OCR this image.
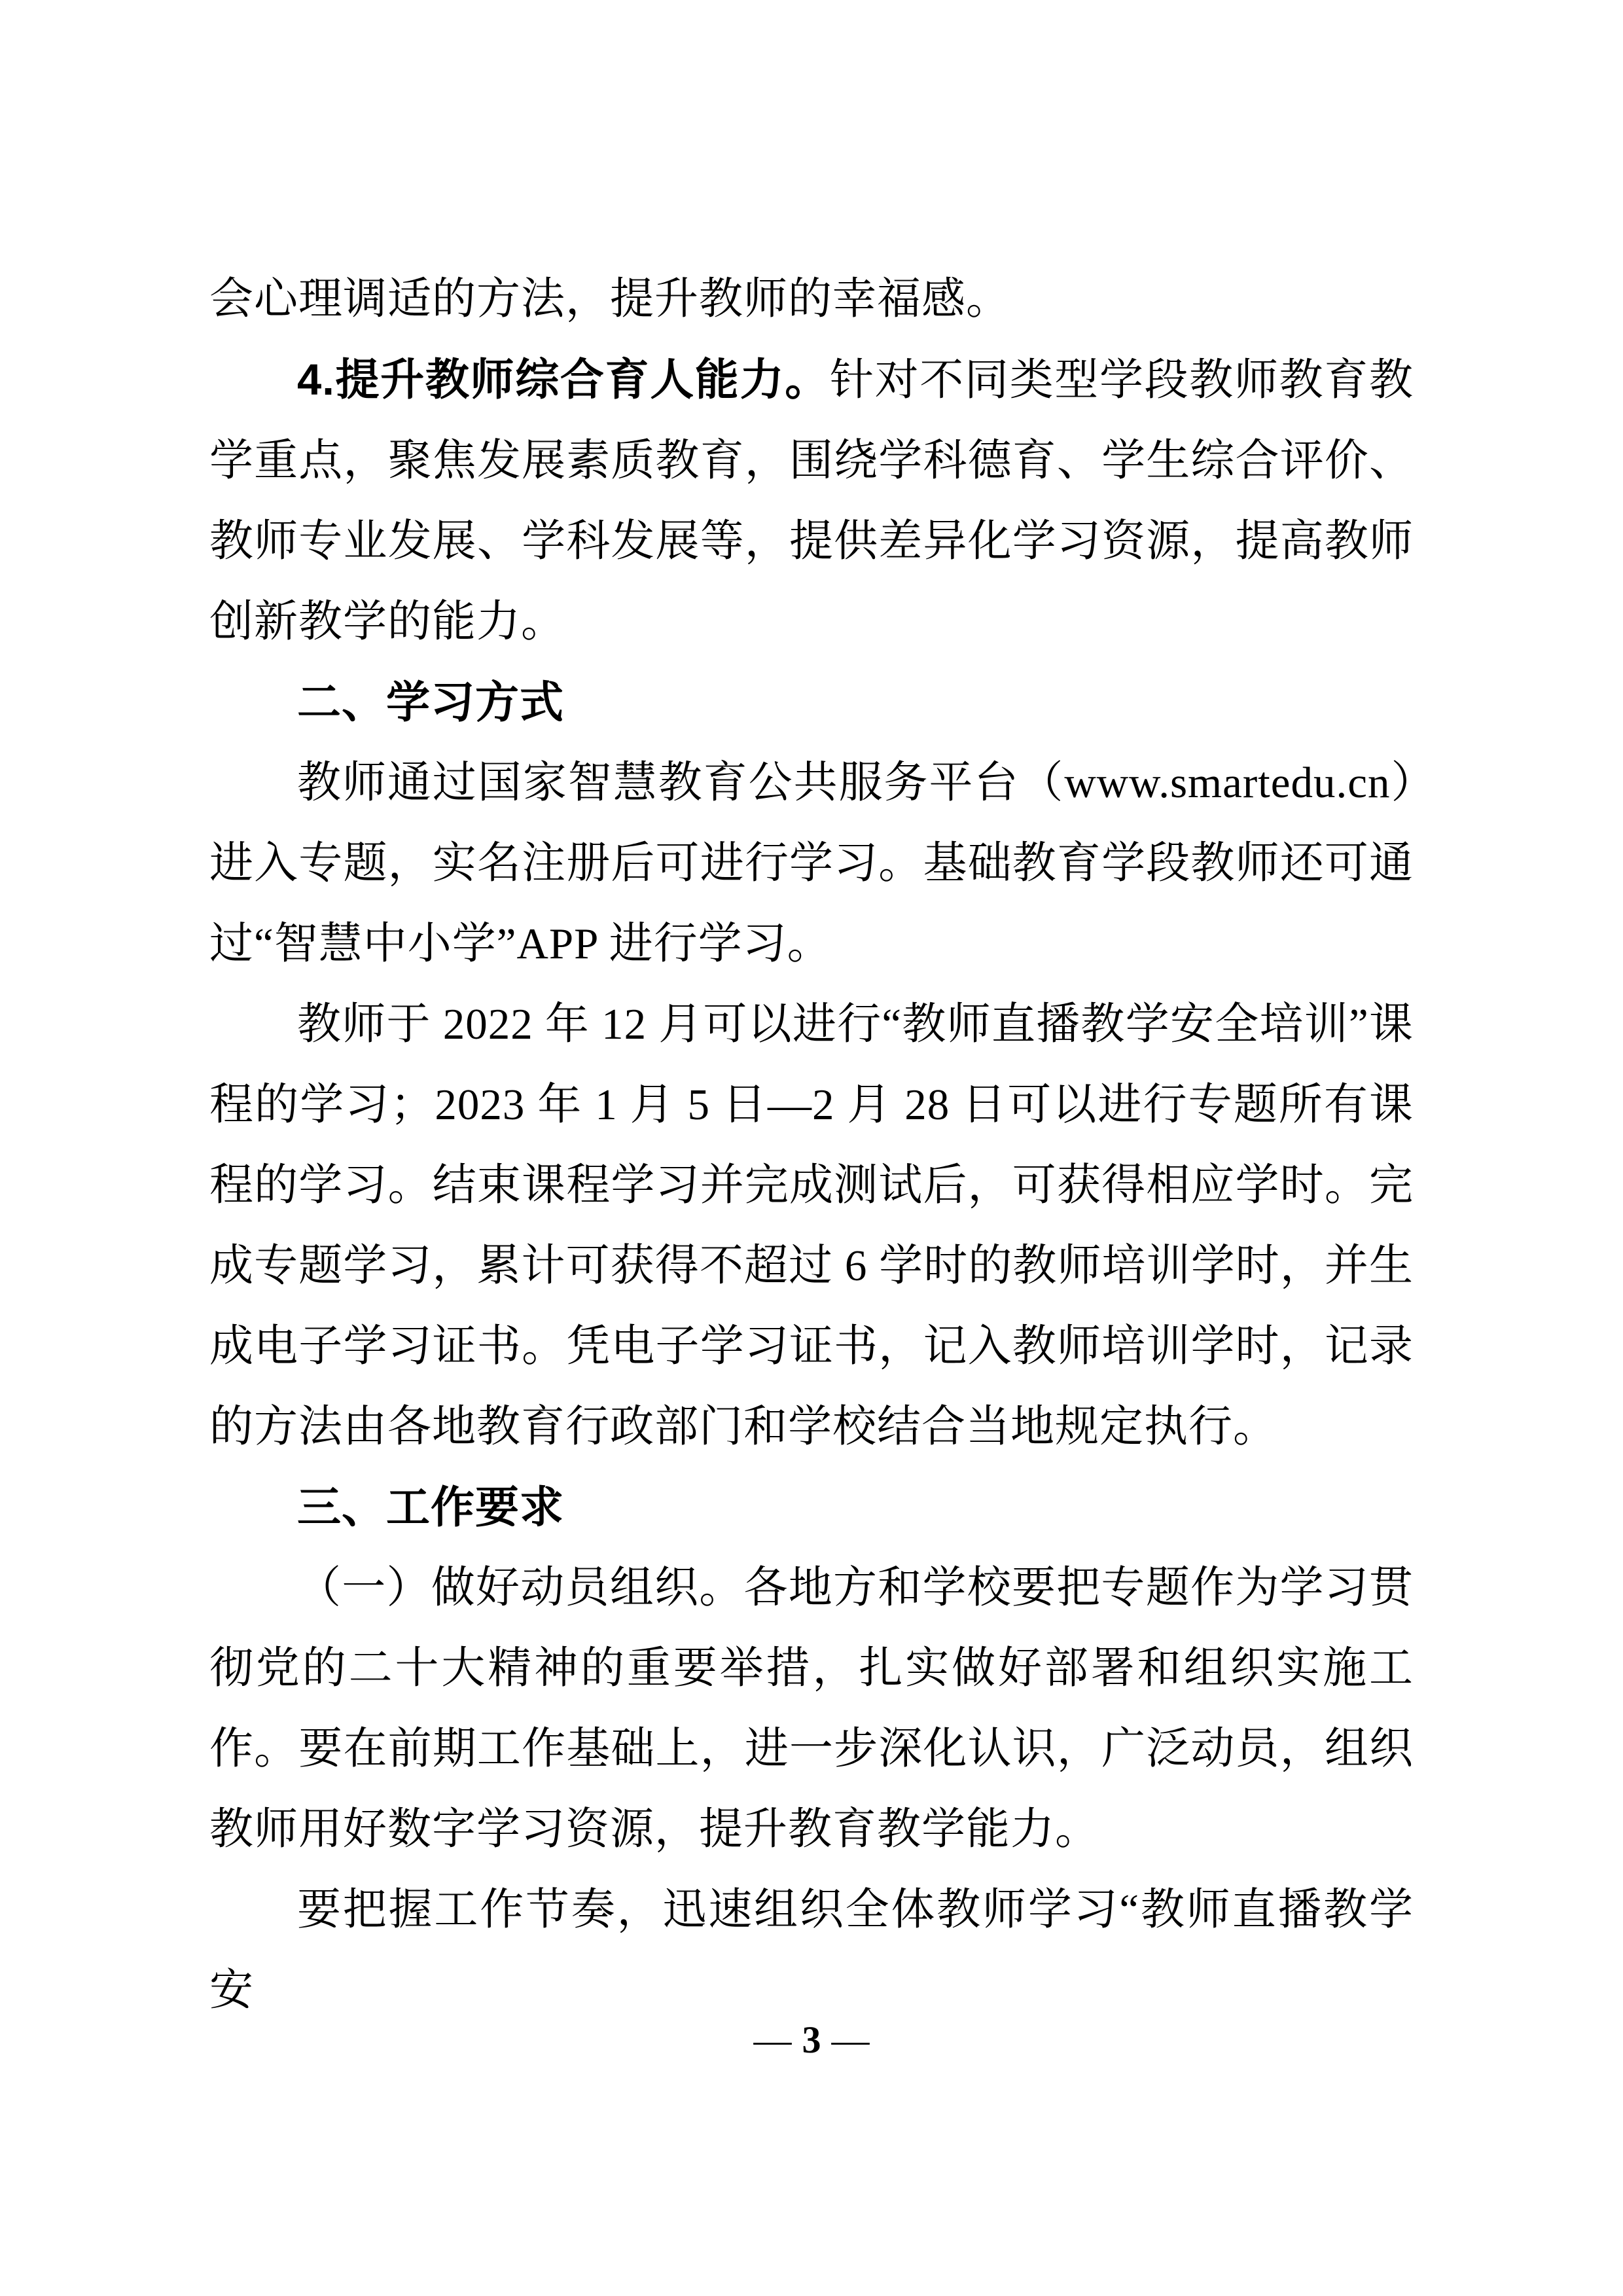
会心理调适的方法，提升教师的幸福感。
4.提升教师综合育人能力。针对不同类型学段教师教育教学重点，聚焦发展素质教育，围绕学科德育、学生综合评价、教师专业发展、学科发展等，提供差异化学习资源，提高教师创新教学的能力。
二、学习方式
教师通过国家智慧教育公共服务平台（www.smartedu.cn）进入专题，实名注册后可进行学习。基础教育学段教师还可通过“智慧中小学”APP 进行学习。
教师于 2022 年 12 月可以进行“教师直播教学安全培训”课程的学习；2023 年 1 月 5 日—2 月 28 日可以进行专题所有课程的学习。结束课程学习并完成测试后，可获得相应学时。完成专题学习，累计可获得不超过 6 学时的教师培训学时，并生成电子学习证书。凭电子学习证书，记入教师培训学时，记录的方法由各地教育行政部门和学校结合当地规定执行。
三、工作要求
（一）做好动员组织。各地方和学校要把专题作为学习贯彻党的二十大精神的重要举措，扎实做好部署和组织实施工作。要在前期工作基础上，进一步深化认识，广泛动员，组织教师用好数字学习资源，提升教育教学能力。
要把握工作节奏，迅速组织全体教师学习“教师直播教学安
— 3 —
